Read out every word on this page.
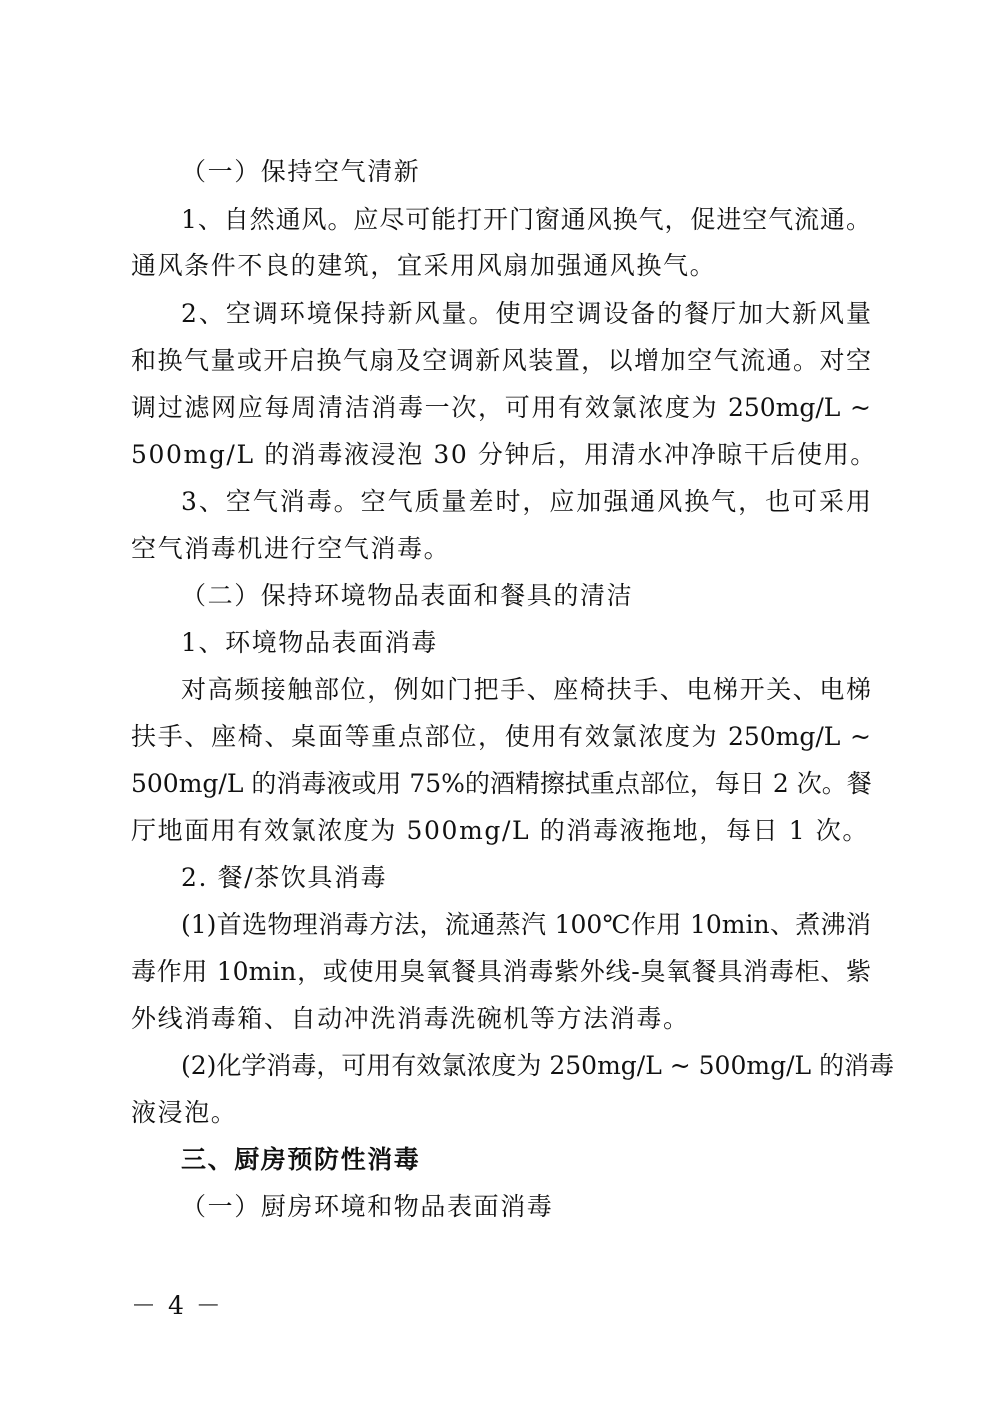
（一）保持空气清新
1、自然通风。应尽可能打开门窗通风换气，促进空气流通。
通风条件不良的建筑，宜采用风扇加强通风换气。
2、空调环境保持新风量。使用空调设备的餐厅加大新风量
和换气量或开启换气扇及空调新风装置，以增加空气流通。对空
调过滤网应每周清洁消毒一次，可用有效氯浓度为 250mg/L ~
500mg/L 的消毒液浸泡 30 分钟后，用清水冲净晾干后使用。
3、空气消毒。空气质量差时，应加强通风换气，也可采用
空气消毒机进行空气消毒。
（二）保持环境物品表面和餐具的清洁
1、环境物品表面消毒
对高频接触部位，例如门把手、座椅扶手、电梯开关、电梯
扶手、座椅、桌面等重点部位，使用有效氯浓度为 250mg/L ~
500mg/L 的消毒液或用 75%的酒精擦拭重点部位，每日 2 次。餐
厅地面用有效氯浓度为 500mg/L 的消毒液拖地，每日 1 次。
2. 餐/茶饮具消毒
(1)首选物理消毒方法，流通蒸汽 100℃作用 10min、煮沸消
毒作用 10min，或使用臭氧餐具消毒紫外线-臭氧餐具消毒柜、紫
外线消毒箱、自动冲洗消毒洗碗机等方法消毒。
(2)化学消毒，可用有效氯浓度为 250mg/L ~ 500mg/L 的消毒
液浸泡。
三、厨房预防性消毒
（一）厨房环境和物品表面消毒
－ 4 －
